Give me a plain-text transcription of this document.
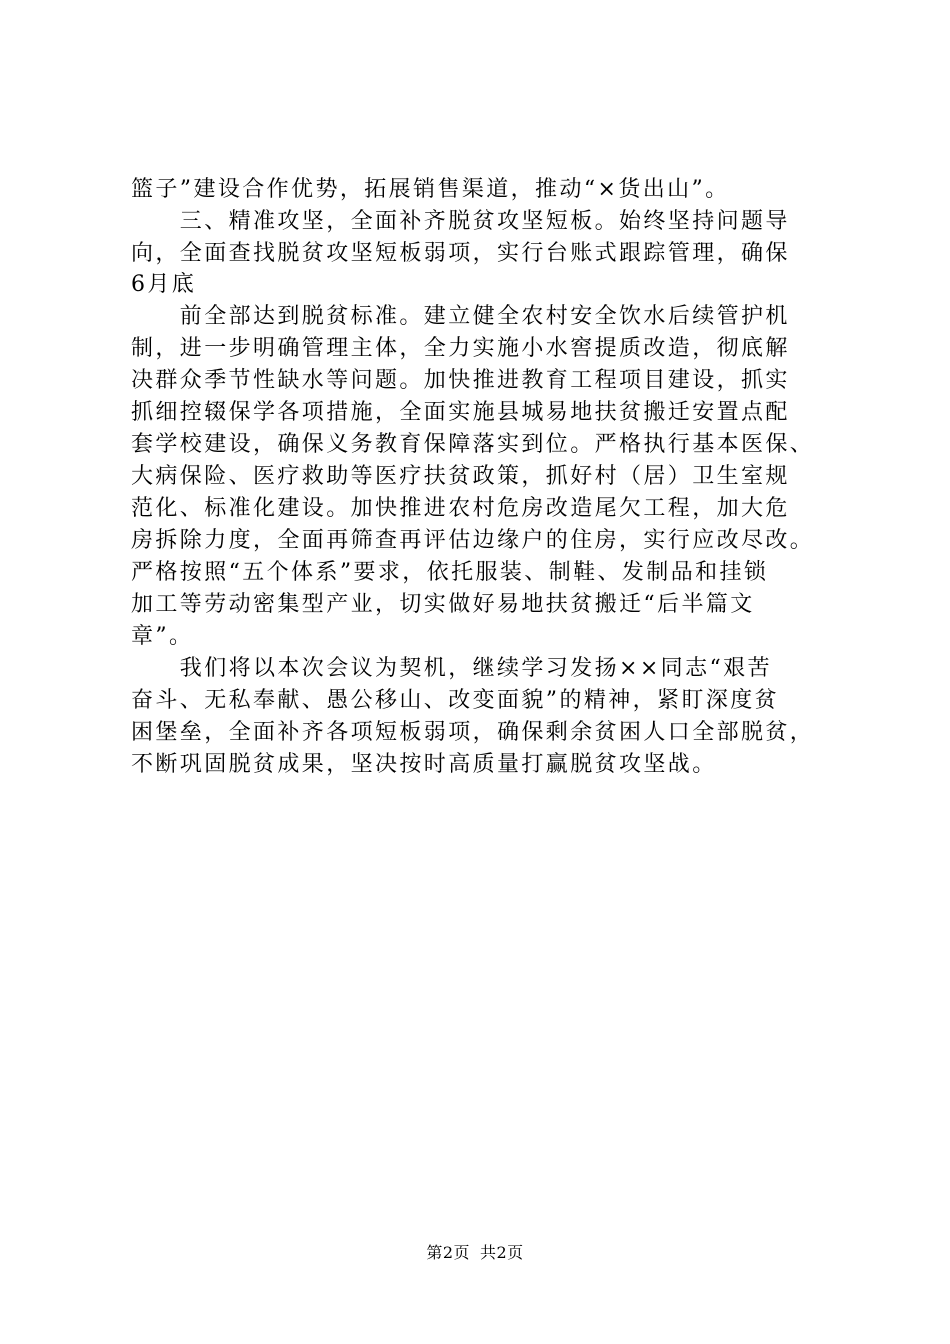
篮子”建设合作优势，拓展销售渠道，推动“×货出山”。
　　三、精准攻坚，全面补齐脱贫攻坚短板。始终坚持问题导
向，全面查找脱贫攻坚短板弱项，实行台账式跟踪管理，确保
6月底
　　前全部达到脱贫标准。建立健全农村安全饮水后续管护机
制，进一步明确管理主体，全力实施小水窖提质改造，彻底解
决群众季节性缺水等问题。加快推进教育工程项目建设，抓实
抓细控辍保学各项措施，全面实施县城易地扶贫搬迁安置点配
套学校建设，确保义务教育保障落实到位。严格执行基本医保、
大病保险、医疗救助等医疗扶贫政策，抓好村（居）卫生室规
范化、标准化建设。加快推进农村危房改造尾欠工程，加大危
房拆除力度，全面再筛查再评估边缘户的住房，实行应改尽改。
严格按照“五个体系”要求，依托服装、制鞋、发制品和挂锁
加工等劳动密集型产业，切实做好易地扶贫搬迁“后半篇文
章”。
　　我们将以本次会议为契机，继续学习发扬××同志“艰苦
奋斗、无私奉献、愚公移山、改变面貌”的精神，紧盯深度贫
困堡垒，全面补齐各项短板弱项，确保剩余贫困人口全部脱贫，
不断巩固脱贫成果，坚决按时高质量打赢脱贫攻坚战。
第2页 共2页
